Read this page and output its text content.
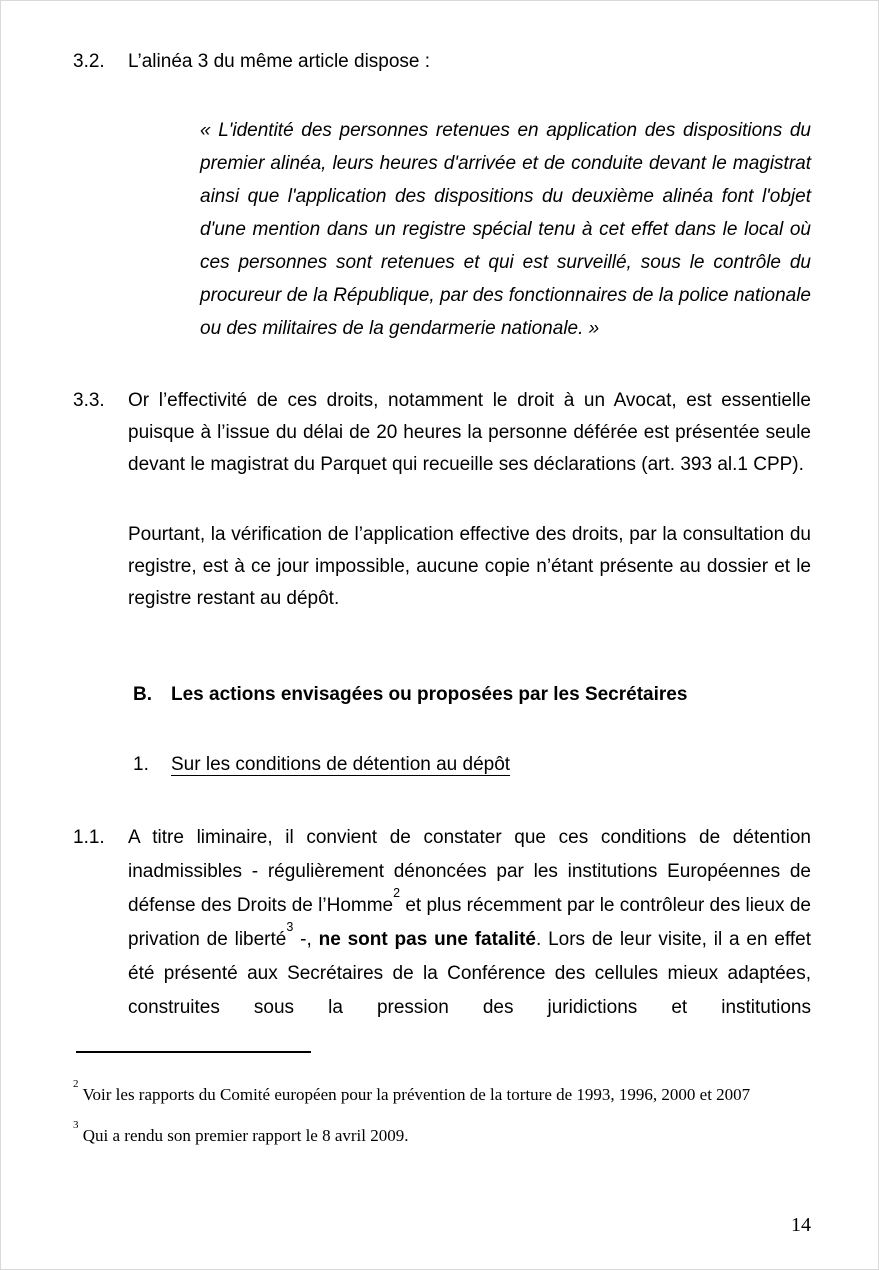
3.2.	L’alinéa 3 du même article dispose :

« L'identité des personnes retenues en application des dispositions du premier alinéa, leurs heures d'arrivée et de conduite devant le magistrat ainsi que l'application des dispositions du deuxième alinéa font l'objet d'une mention dans un registre spécial tenu à cet effet dans le local où ces personnes sont retenues et qui est surveillé, sous le contrôle du procureur de la République, par des fonctionnaires de la police nationale ou des militaires de la gendarmerie nationale. »
3.3.	Or l’effectivité de ces droits, notamment le droit à un Avocat, est essentielle puisque à l’issue du délai de 20 heures la personne déférée est présentée seule devant le magistrat du Parquet qui recueille ses déclarations (art. 393 al.1 CPP).

Pourtant, la vérification de l’application effective des droits, par la consultation du registre, est à ce jour impossible, aucune copie n’étant présente au dossier et le registre restant au dépôt.

B.	Les actions envisagées ou proposées par les Secrétaires
1.	Sur les conditions de détention au dépôt
1.1.	A titre liminaire, il convient de constater que ces conditions de détention inadmissibles - régulièrement dénoncées par les institutions Européennes de défense des Droits de l’Homme$^2$ et plus récemment par le contrôleur des lieux de privation de liberté$^3$ -, ne sont pas une fatalité. Lors de leur visite, il a en effet été présenté aux Secrétaires de la Conférence des cellules mieux adaptées, construites sous la pression des juridictions et institutions

$^2$ Voir les rapports du Comité européen pour la prévention de la torture de 1993, 1996, 2000 et 2007

$^3$ Qui a rendu son premier rapport le 8 avril 2009.

14
